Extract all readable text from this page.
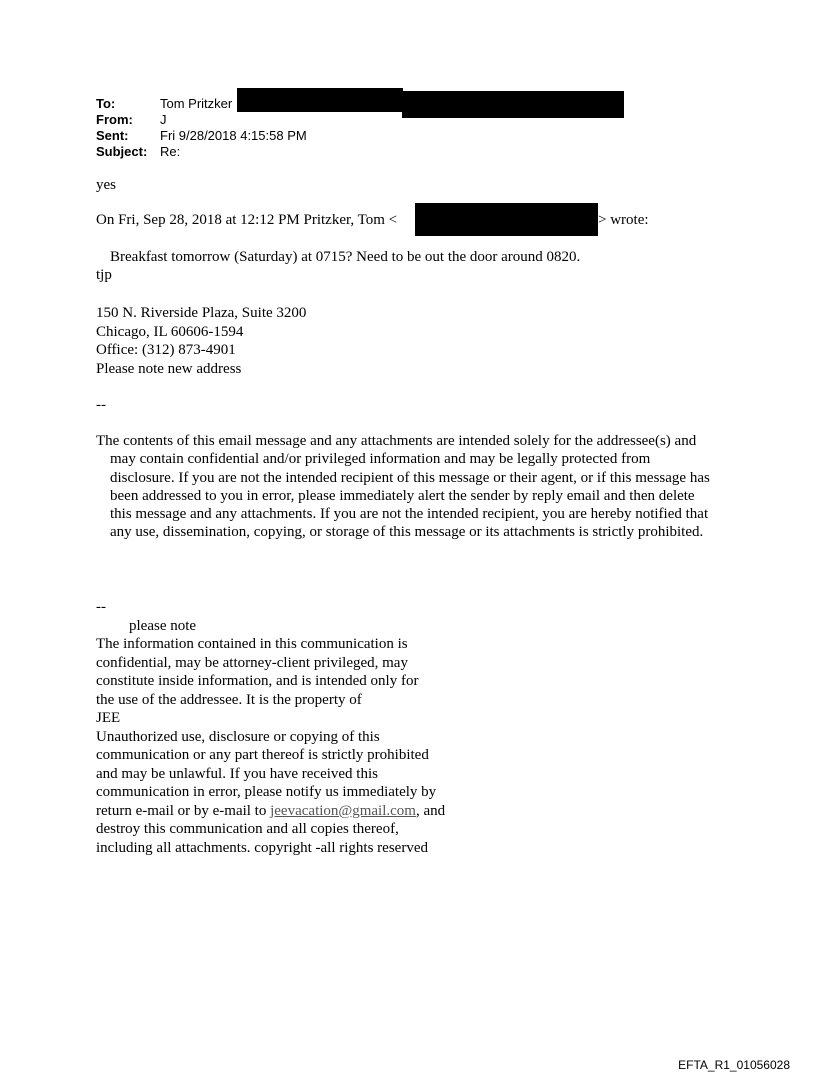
To:	Tom Pritzker
From: J
Sent: Fri 9/28/2018 4:15:58 PM
Subject: Re:
yes
On Fri, Sep 28, 2018 at 12:12 PM Pritzker, Tom <	> wrote:
Breakfast tomorrow (Saturday) at 0715? Need to be out the door around 0820.
tjp
150 N. Riverside Plaza, Suite 3200
Chicago, IL 60606-1594
Office: (312) 873-4901
Please note new address
--

The contents of this email message and any attachments are intended solely for the addressee(s) and may contain confidential and/or privileged information and may be legally protected from disclosure. If you are not the intended recipient of this message or their agent, or if this message has been addressed to you in error, please immediately alert the sender by reply email and then delete this message and any attachments. If you are not the intended recipient, you are hereby notified that any use, dissemination, copying, or storage of this message or its attachments is strictly prohibited.

--
please note
The information contained in this communication is
confidential, may be attorney-client privileged, may
constitute inside information, and is intended only for
the use of the addressee. It is the property of
JEE
Unauthorized use, disclosure or copying of this
communication or any part thereof is strictly prohibited
and may be unlawful. If you have received this
communication in error, please notify us immediately by
return e-mail or by e-mail to jeevacation@gmail.com, and
destroy this communication and all copies thereof,
including all attachments. copyright -all rights reserved
EFTA_R1_01056028
